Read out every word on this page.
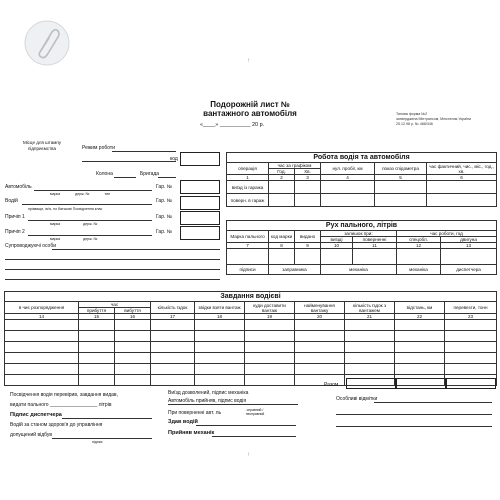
↑
Подорожній лист №
вантажного автомобіля
«____» __________ 20 р.
Типова форма №2
затверджена Мінтрансом, Мінстатом України
25.12.98 р. № 488/346
Місце для штампу підприємства	Режим роботи
код
Колона	Бригада
Автомобіль	Гар. №
марка	держ. №	тип
Водій	Гар. №
прізвище, ім'я, по батькові Посвідчення клас
Причіп 1	Гар. №
марка	держ. №
Причіп 2	Гар. №
марка	держ. №
Супроводжуючі особи
Робота водія та автомобіля					
операція	час за графіком		нул. пробіг, км	показ спідометра	час фактичний, чис., міс., год., хв.
	Год.	Хв.			
1	2	3	4	5	6
виїзд із гаража					
поверн. в гараж					
Рух пального, літрів						
Марка пального	код марки	видано	залишок при:		час роботи, год	
			виїзді	поверненні	спецобл.	двигуна
7	8	9	10	11	12	13

підписи	заправника		механіка		механіка	диспетчера
Завдання водієві									
в чиє розпорядження	час		кількість їздок	звідки взяти вантаж	куди доставити вантаж	найменування вантажу	кількість їздок з вантажем	відстань, км	перевезти, тонн
	прибуття	вибуття							
14	15	16	17	18	19	20	21	22	23

Разом
Посвідчення водія перевірив, завдання видав,
видати пального _________________ літрів
Підпис диспетчера
Водій за станом здоров'я до управління
допущений відбув
підпис
Виїзд дозволений, підпис механіка
Автомобіль прийняв, підпис водія
При поверненні авт. ль	справний / несправний
Здав водій
Прийняв механік
Особливі відмітки
↑
